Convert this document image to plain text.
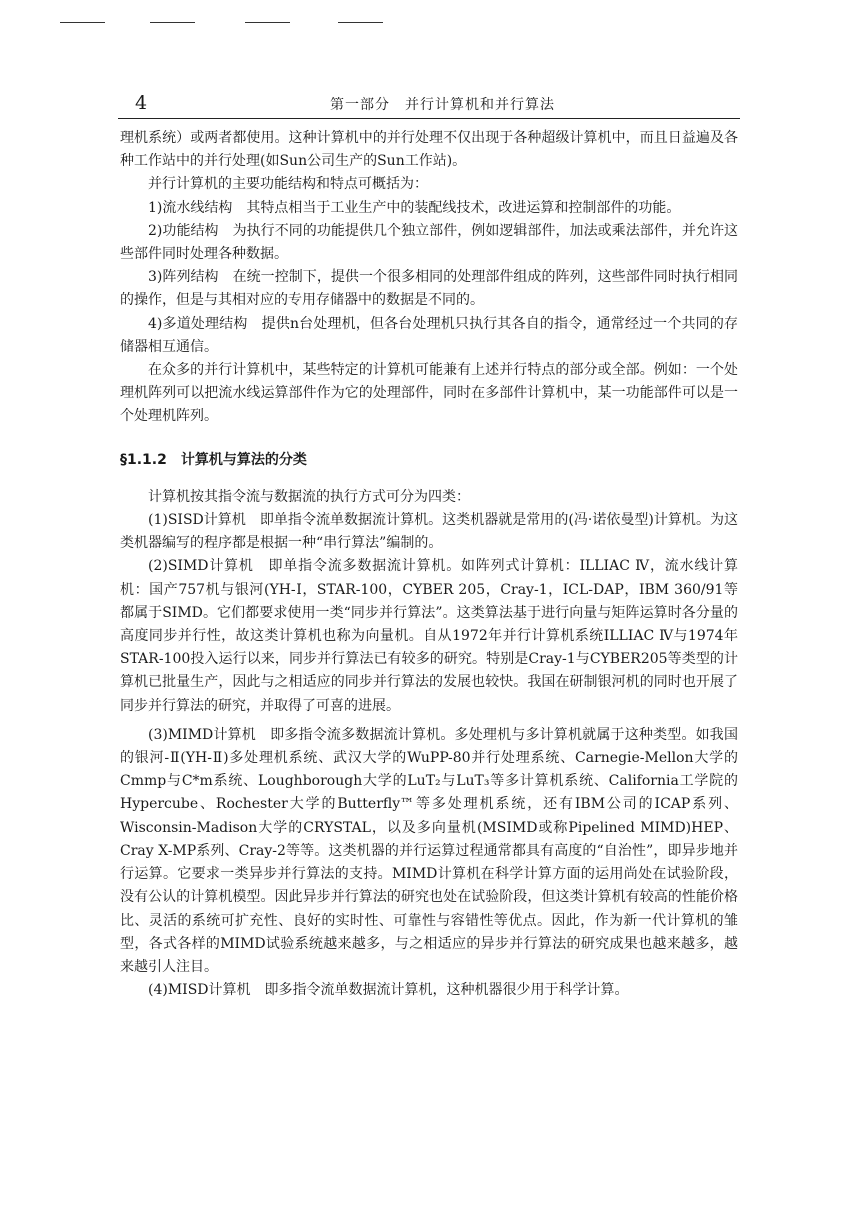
4	第一部分　并行计算机和并行算法

理机系统）或两者都使用。这种计算机中的并行处理不仅出现于各种超级计算机中，而且日益遍及各种工作站中的并行处理(如Sun公司生产的Sun工作站)。

并行计算机的主要功能结构和特点可概括为：

1)流水线结构　其特点相当于工业生产中的装配线技术，改进运算和控制部件的功能。

2)功能结构　为执行不同的功能提供几个独立部件，例如逻辑部件，加法或乘法部件，并允许这些部件同时处理各种数据。

3)阵列结构　在统一控制下，提供一个很多相同的处理部件组成的阵列，这些部件同时执行相同的操作，但是与其相对应的专用存储器中的数据是不同的。

4)多道处理结构　提供n台处理机，但各台处理机只执行其各自的指令，通常经过一个共同的存储器相互通信。

在众多的并行计算机中，某些特定的计算机可能兼有上述并行特点的部分或全部。例如：一个处理机阵列可以把流水线运算部件作为它的处理部件，同时在多部件计算机中，某一功能部件可以是一个处理机阵列。

§1.1.2 计算机与算法的分类

计算机按其指令流与数据流的执行方式可分为四类：

(1)SISD计算机　即单指令流单数据流计算机。这类机器就是常用的(冯·诺依曼型)计算机。为这类机器编写的程序都是根据一种“串行算法”编制的。

(2)SIMD计算机　即单指令流多数据流计算机。如阵列式计算机：ILLIAC Ⅳ，流水线计算机：国产757机与银河(YH-Ⅰ，STAR-100，CYBER 205，Cray-1，ICL-DAP，IBM 360/91等都属于SIMD。它们都要求使用一类“同步并行算法”。这类算法基于进行向量与矩阵运算时各分量的高度同步并行性，故这类计算机也称为向量机。自从1972年并行计算机系统ILLIAC Ⅳ与1974年STAR-100投入运行以来，同步并行算法已有较多的研究。特别是Cray-1与CYBER205等类型的计算机已批量生产，因此与之相适应的同步并行算法的发展也较快。我国在研制银河机的同时也开展了同步并行算法的研究，并取得了可喜的进展。

(3)MIMD计算机　即多指令流多数据流计算机。多处理机与多计算机就属于这种类型。如我国的银河-Ⅱ(YH-Ⅱ)多处理机系统、武汉大学的WuPP-80并行处理系统、Carnegie-Mellon大学的Cmmp与C*m系统、Loughborough大学的LuT₂与LuT₃等多计算机系统、California工学院的Hypercube、Rochester大学的Butterfly™等多处理机系统，还有IBM公司的ICAP系列、Wisconsin-Madison大学的CRYSTAL，以及多向量机(MSIMD或称Pipelined MIMD)HEP、Cray X-MP系列、Cray-2等等。这类机器的并行运算过程通常都具有高度的“自治性”，即异步地并行运算。它要求一类异步并行算法的支持。MIMD计算机在科学计算方面的运用尚处在试验阶段，没有公认的计算机模型。因此异步并行算法的研究也处在试验阶段，但这类计算机有较高的性能价格比、灵活的系统可扩充性、良好的实时性、可靠性与容错性等优点。因此，作为新一代计算机的雏型，各式各样的MIMD试验系统越来越多，与之相适应的异步并行算法的研究成果也越来越多，越来越引人注目。

(4)MISD计算机　即多指令流单数据流计算机，这种机器很少用于科学计算。
